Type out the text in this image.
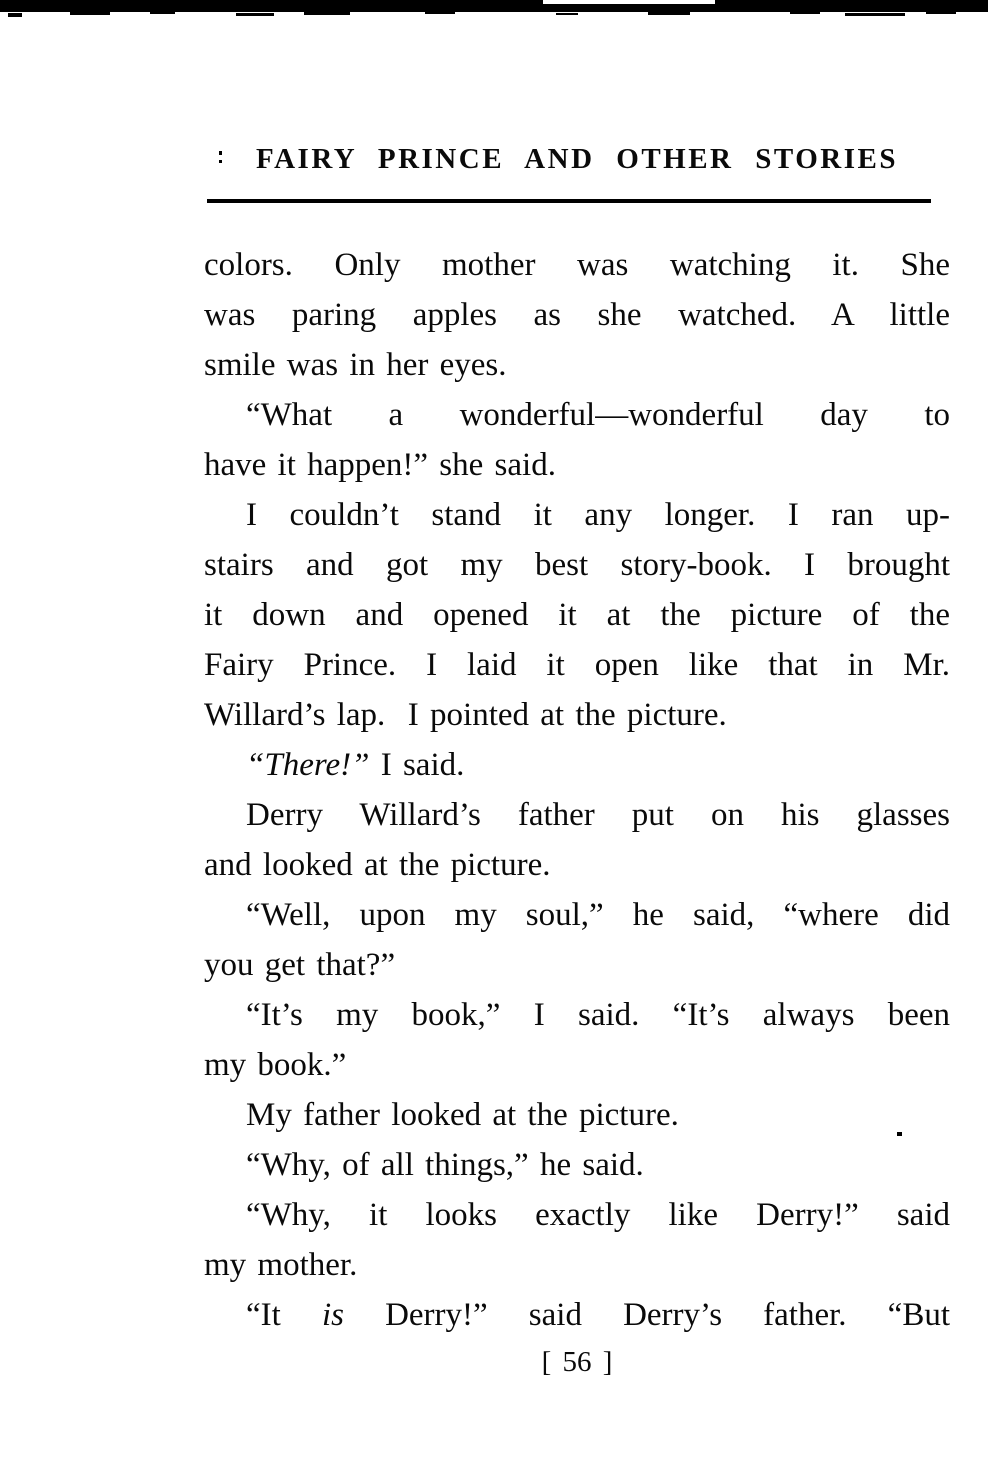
FAIRY PRINCE AND OTHER STORIES
colors. Only mother was watching it. She
was paring apples as she watched. A little
smile was in her eyes.
“What a wonderful—wonderful day to
have it happen!” she said.
I couldn’t stand it any longer. I ran up-
stairs and got my best story-book. I brought
it down and opened it at the picture of the
Fairy Prince. I laid it open like that in Mr.
Willard’s lap.  I pointed at the picture.
“There!” I said.
Derry Willard’s father put on his glasses
and looked at the picture.
“Well, upon my soul,” he said, “where did
you get that?”
“It’s my book,” I said. “It’s always been
my book.”
My father looked at the picture.
“Why, of all things,” he said.
“Why, it looks exactly like Derry!” said
my mother.
“It is Derry!” said Derry’s father. “But
[ 56 ]
